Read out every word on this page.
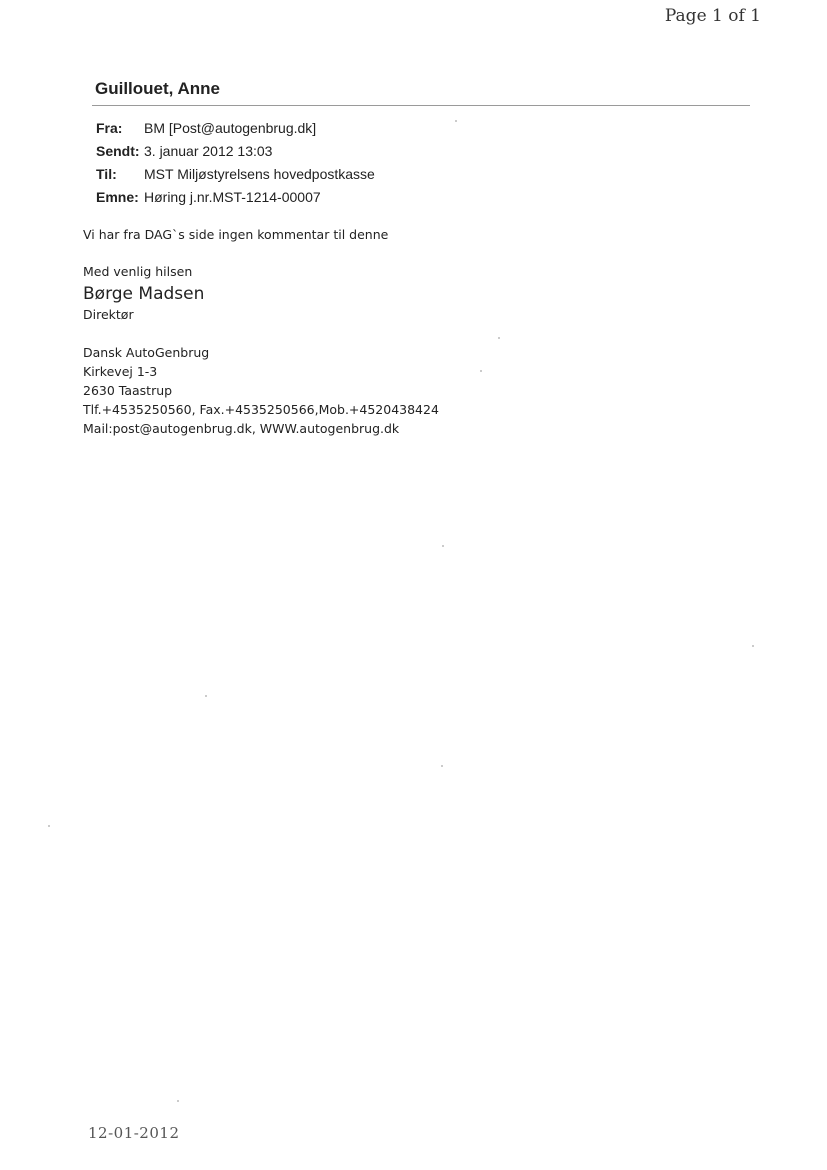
Page 1 of 1
Guillouet, Anne
Fra:	BM [Post@autogenbrug.dk]
Sendt: 3. januar 2012 13:03
Til:	MST Miljøstyrelsens hovedpostkasse
Emne: Høring j.nr.MST-1214-00007
Vi har fra DAG`s side ingen kommentar til denne
Med venlig hilsen
Børge Madsen
Direktør
Dansk AutoGenbrug
Kirkevej 1-3
2630 Taastrup
Tlf.+4535250560, Fax.+4535250566,Mob.+4520438424
Mail:post@autogenbrug.dk, WWW.autogenbrug.dk
12-01-2012
